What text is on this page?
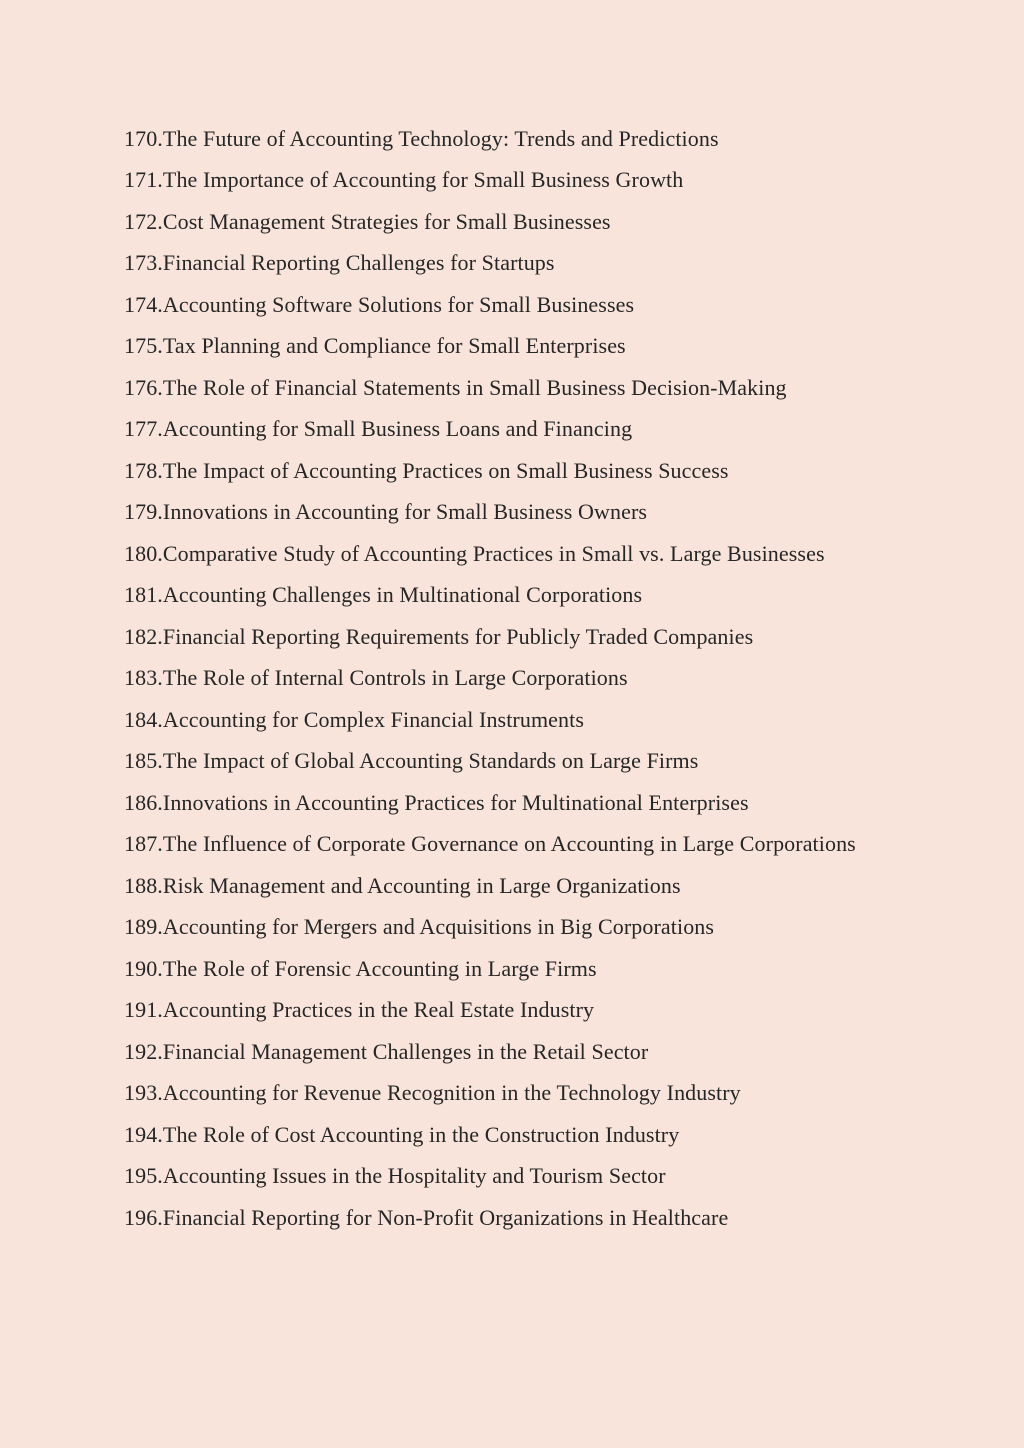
170.The Future of Accounting Technology: Trends and Predictions
171.The Importance of Accounting for Small Business Growth
172.Cost Management Strategies for Small Businesses
173.Financial Reporting Challenges for Startups
174.Accounting Software Solutions for Small Businesses
175.Tax Planning and Compliance for Small Enterprises
176.The Role of Financial Statements in Small Business Decision-Making
177.Accounting for Small Business Loans and Financing
178.The Impact of Accounting Practices on Small Business Success
179.Innovations in Accounting for Small Business Owners
180.Comparative Study of Accounting Practices in Small vs. Large Businesses
181.Accounting Challenges in Multinational Corporations
182.Financial Reporting Requirements for Publicly Traded Companies
183.The Role of Internal Controls in Large Corporations
184.Accounting for Complex Financial Instruments
185.The Impact of Global Accounting Standards on Large Firms
186.Innovations in Accounting Practices for Multinational Enterprises
187.The Influence of Corporate Governance on Accounting in Large Corporations
188.Risk Management and Accounting in Large Organizations
189.Accounting for Mergers and Acquisitions in Big Corporations
190.The Role of Forensic Accounting in Large Firms
191.Accounting Practices in the Real Estate Industry
192.Financial Management Challenges in the Retail Sector
193.Accounting for Revenue Recognition in the Technology Industry
194.The Role of Cost Accounting in the Construction Industry
195.Accounting Issues in the Hospitality and Tourism Sector
196.Financial Reporting for Non-Profit Organizations in Healthcare
